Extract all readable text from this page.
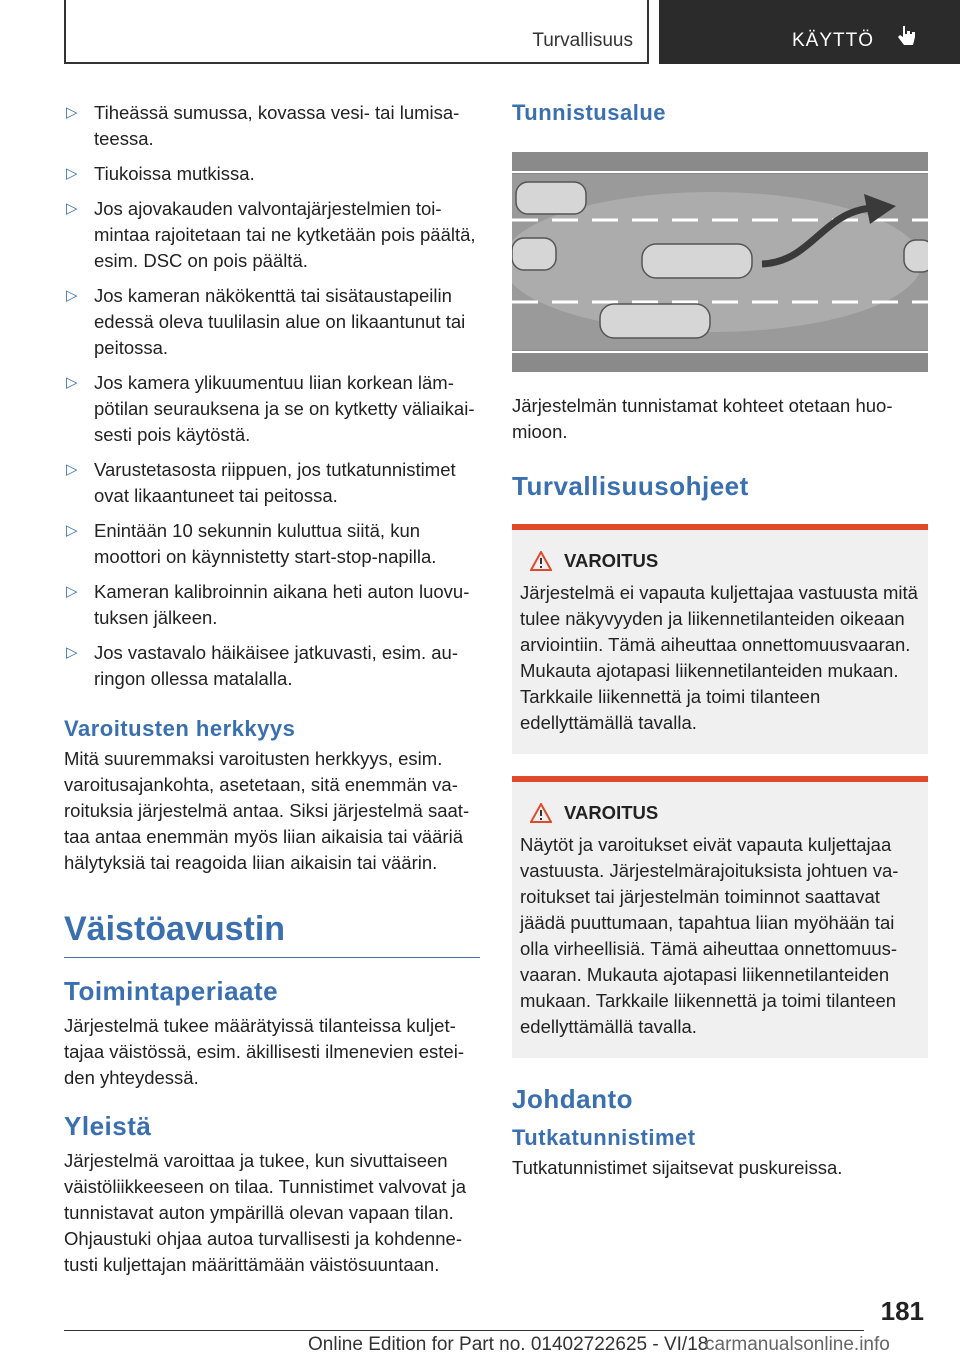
Turvallisuus	KÄYTTÖ
▷ Tiheässä sumussa, kovassa vesi- tai lumisateessa.
▷ Tiukoissa mutkissa.
▷ Jos ajovakauden valvontajärjestelmien toimintaa rajoitetaan tai ne kytketään pois päältä, esim. DSC on pois päältä.
▷ Jos kameran näkökenttä tai sisätaustapeilin edessä oleva tuulilasin alue on likaantunut tai peitossa.
▷ Jos kamera ylikuumentuu liian korkean lämpötilan seurauksena ja se on kytketty väliaikaisesti pois käytöstä.
▷ Varustetasosta riippuen, jos tutkatunnistimet ovat likaantuneet tai peitossa.
▷ Enintään 10 sekunnin kuluttua siitä, kun moottori on käynnistetty start-stop-napilla.
▷ Kameran kalibroinnin aikana heti auton luovutuksen jälkeen.
▷ Jos vastavalo häikäisee jatkuvasti, esim. auringon ollessa matalalla.
Varoitusten herkkyys

Mitä suuremmaksi varoitusten herkkyys, esim. varoitusajankohta, asetetaan, sitä enemmän varoituksia järjestelmä antaa. Siksi järjestelmä saattaa antaa enemmän myös liian aikaisia tai vääriä hälytyksiä tai reagoida liian aikaisin tai väärin.

Väistöavustin
Toimintaperiaate

Järjestelmä tukee määrätyissä tilanteissa kuljettajaa väistössä, esim. äkillisesti ilmenevien esteiden yhteydessä.

Yleistä

Järjestelmä varoittaa ja tukee, kun sivuttaiseen väistöliikkeeseen on tilaa. Tunnistimet valvovat ja tunnistavat auton ympärillä olevan vapaan tilan. Ohjaustuki ohjaa autoa turvallisesti ja kohdennetusti kuljettajan määrittämään väistösuuntaan.

Tunnistusalue

Järjestelmän tunnistamat kohteet otetaan huomioon.

Turvallisuusohjeet
VAROITUS

Järjestelmä ei vapauta kuljettajaa vastuusta mitä tulee näkyvyyden ja liikennetilanteiden oikeaan arviointiin. Tämä aiheuttaa onnettomuusvaaran. Mukauta ajotapasi liikennetilanteiden mukaan. Tarkkaile liikennettä ja toimi tilanteen edellyttämällä tavalla.

VAROITUS

Näytöt ja varoitukset eivät vapauta kuljettajaa vastuusta. Järjestelmärajoituksista johtuen varoitukset tai järjestelmän toiminnot saattavat jäädä puuttumaan, tapahtua liian myöhään tai olla virheellisiä. Tämä aiheuttaa onnettomuusvaaran. Mukauta ajotapasi liikennetilanteiden mukaan. Tarkkaile liikennettä ja toimi tilanteen edellyttämällä tavalla.

Johdanto
Tutkatunnistimet

Tutkatunnistimet sijaitsevat puskureissa.

181
Online Edition for Part no. 01402722625 - VI/18
carmanualsonline.info
